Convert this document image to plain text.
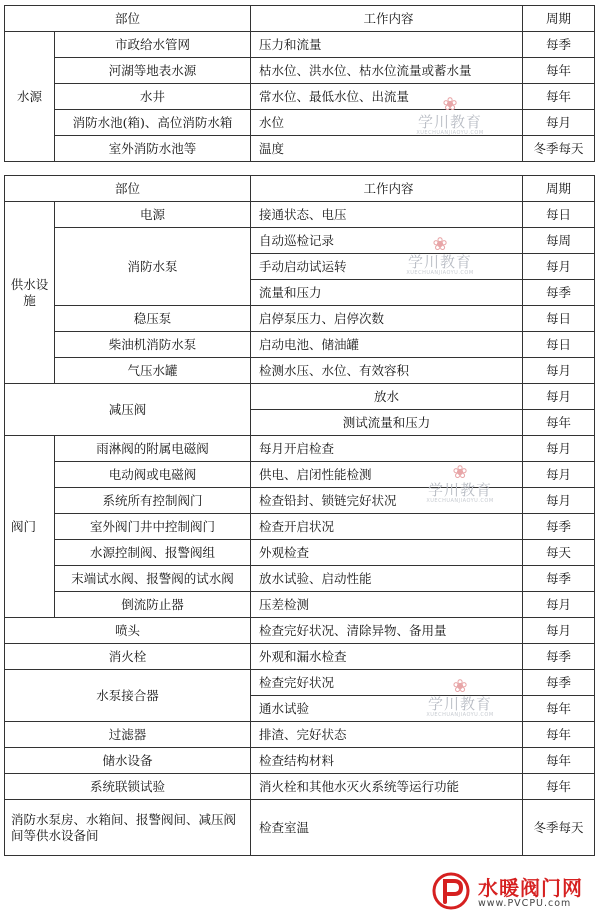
部位		工作内容	周期
水源	市政给水管网	压力和流量	每季
	河湖等地表水源	枯水位、洪水位、枯水位流量或蓄水量	每年
	水井	常水位、最低水位、出流量	每年
	消防水池(箱)、高位消防水箱	水位	每月
	室外消防水池等	温度	冬季每天
部位		工作内容	周期
供水设施	电源	接通状态、电压	每日
	消防水泵	自动巡检记录	每周
		手动启动试运转	每月
		流量和压力	每季
	稳压泵	启停泵压力、启停次数	每日
	柴油机消防水泵	启动电池、储油罐	每日
	气压水罐	检测水压、水位、有效容积	每月
减压阀		放水	每月
		测试流量和压力	每年
阀门	雨淋阀的附属电磁阀	每月开启检查	每月
	电动阀或电磁阀	供电、启闭性能检测	每月
	系统所有控制阀门	检查铅封、锁链完好状况	每月
	室外阀门井中控制阀门	检查开启状况	每季
	水源控制阀、报警阀组	外观检查	每天
	末端试水阀、报警阀的试水阀	放水试验、启动性能	每季
	倒流防止器	压差检测	每月
喷头		检查完好状况、清除异物、备用量	每月
消火栓		外观和漏水检查	每季
水泵接合器		检查完好状况	每季
		通水试验	每年
过滤器		排渣、完好状态	每年
储水设备		检查结构材料	每年
系统联锁试验		消火栓和其他水灭火系统等运行功能	每年
消防水泵房、水箱间、报警阀间、减压阀间等供水设备间		检查室温	冬季每天
❀
学川教育
XUECHUANJIAOYU.COM
❀
学川教育
XUECHUANJIAOYU.COM
❀
学川教育
XUECHUANJIAOYU.COM
❀
学川教育
XUECHUANJIAOYU.COM
水暖阀门网
www.PVCPU.com
